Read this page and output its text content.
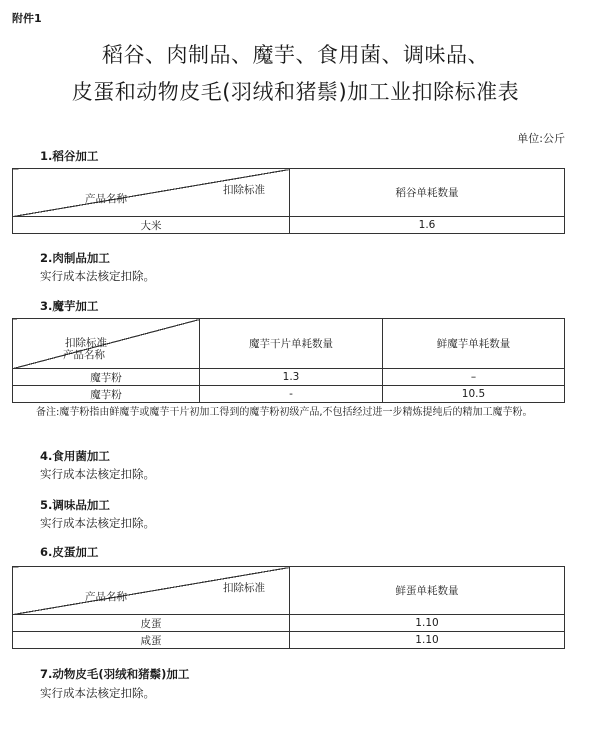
附件1
稻谷、肉制品、魔芋、食用菌、调味品、
皮蛋和动物皮毛(羽绒和猪鬃)加工业扣除标准表
单位:公斤
1.稻谷加工
扣除标准
产品名称	稻谷单耗数量
大米	1.6
2.肉制品加工
实行成本法核定扣除。
3.魔芋加工
扣除标准
产品名称	魔芋干片单耗数量	鲜魔芋单耗数量
魔芋粉	1.3	–
魔芋粉	-	10.5
备注:魔芋粉指由鲜魔芋或魔芋干片初加工得到的魔芋粉初级产品,不包括经过进一步精炼提纯后的精加工魔芋粉。
4.食用菌加工
实行成本法核定扣除。
5.调味品加工
实行成本法核定扣除。
6.皮蛋加工
扣除标准
产品名称	鲜蛋单耗数量
皮蛋	1.10
咸蛋	1.10
7.动物皮毛(羽绒和猪鬃)加工
实行成本法核定扣除。
